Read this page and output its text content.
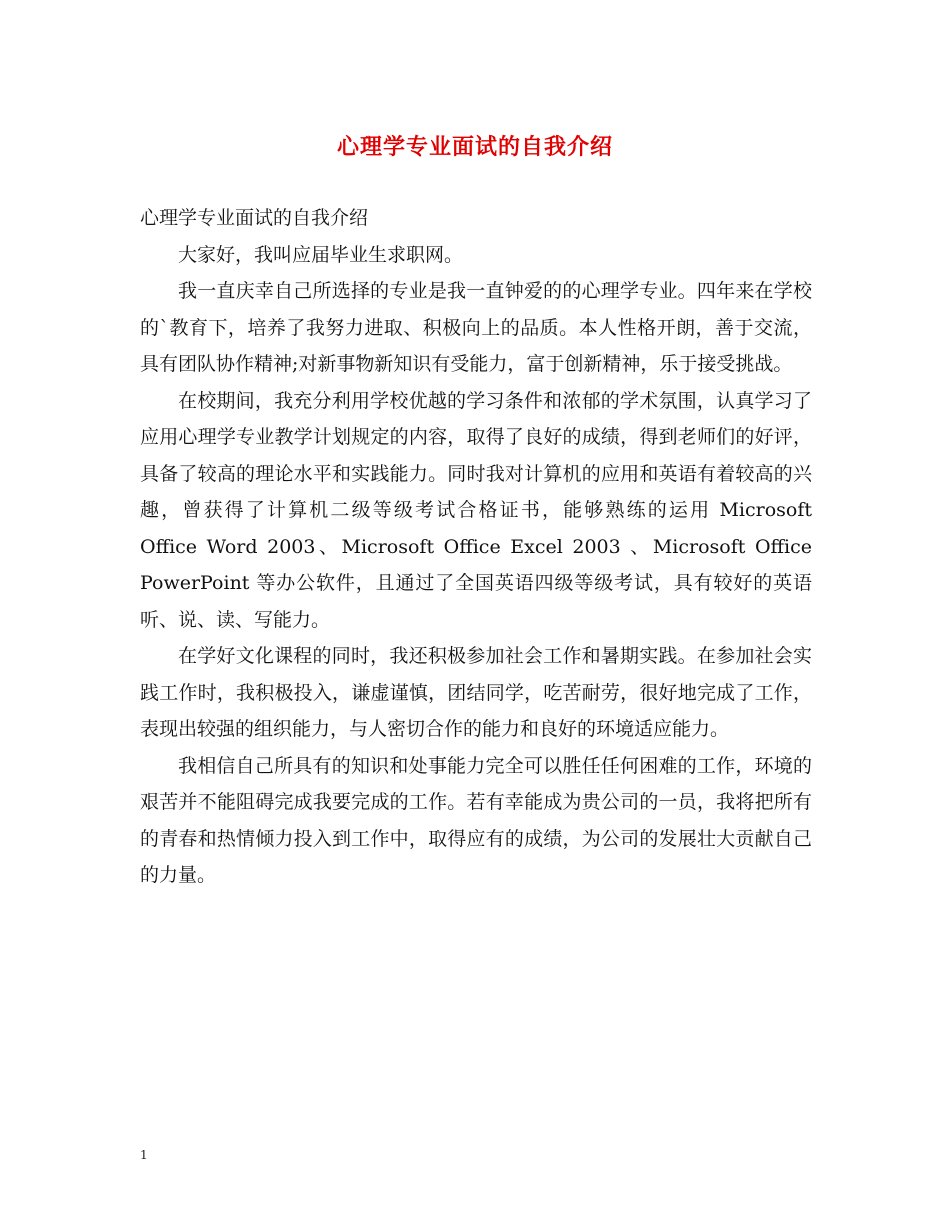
心理学专业面试的自我介绍

心理学专业面试的自我介绍

大家好，我叫应届毕业生求职网。

我一直庆幸自己所选择的专业是我一直钟爱的的心理学专业。四年来在学校的`教育下，培养了我努力进取、积极向上的品质。本人性格开朗，善于交流，具有团队协作精神;对新事物新知识有受能力，富于创新精神，乐于接受挑战。

在校期间，我充分利用学校优越的学习条件和浓郁的学术氛围，认真学习了应用心理学专业教学计划规定的内容，取得了良好的成绩，得到老师们的好评，具备了较高的理论水平和实践能力。同时我对计算机的应用和英语有着较高的兴趣，曾获得了计算机二级等级考试合格证书，能够熟练的运用 Microsoft Office Word 2003、Microsoft Office Excel 2003 、Microsoft Office PowerPoint 等办公软件，且通过了全国英语四级等级考试，具有较好的英语听、说、读、写能力。

在学好文化课程的同时，我还积极参加社会工作和暑期实践。在参加社会实践工作时，我积极投入，谦虚谨慎，团结同学，吃苦耐劳，很好地完成了工作，表现出较强的组织能力，与人密切合作的能力和良好的环境适应能力。

我相信自己所具有的知识和处事能力完全可以胜任任何困难的工作，环境的艰苦并不能阻碍完成我要完成的工作。若有幸能成为贵公司的一员，我将把所有的青春和热情倾力投入到工作中，取得应有的成绩，为公司的发展壮大贡献自己的力量。

1
